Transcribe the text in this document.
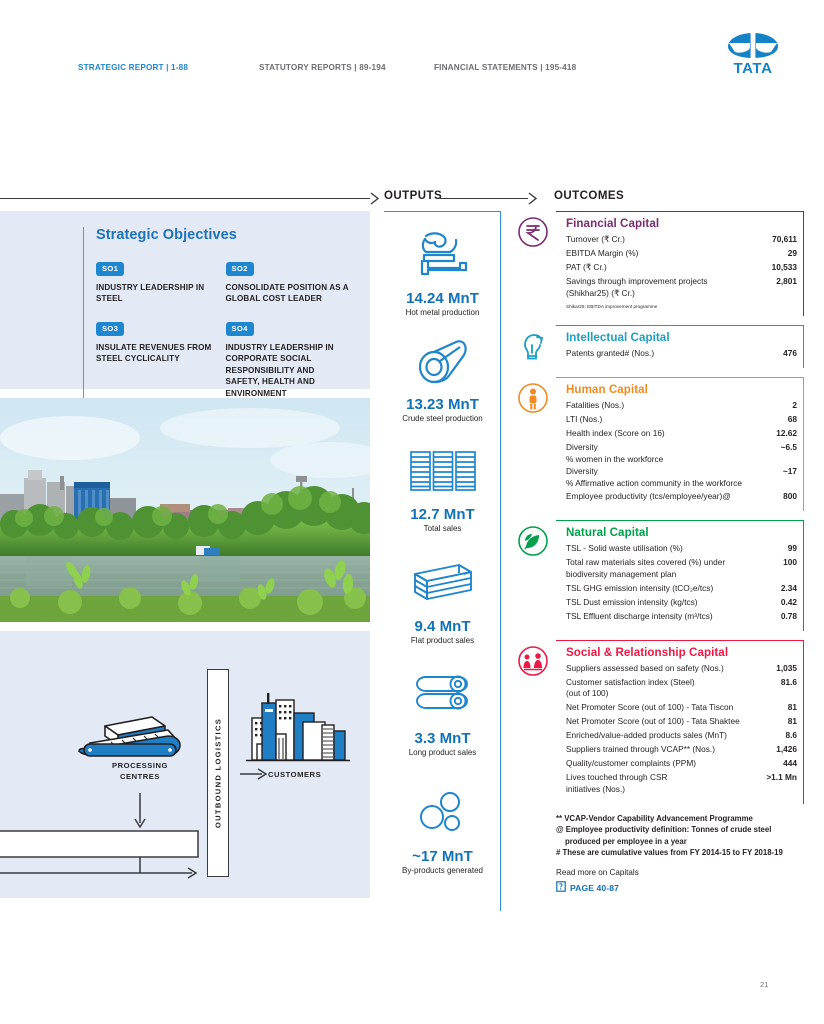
STRATEGIC REPORT | 1-88	STATUTORY REPORTS | 89-194	FINANCIAL STATEMENTS | 195-418	TATA
OUTPUTS	OUTCOMES
Strategic Objectives
SO1
INDUSTRY LEADERSHIP IN STEEL
SO2
CONSOLIDATE POSITION AS A GLOBAL COST LEADER
SO3
INSULATE REVENUES FROM STEEL CYCLICALITY
SO4
INDUSTRY LEADERSHIP IN CORPORATE SOCIAL RESPONSIBILITY AND SAFETY, HEALTH AND ENVIRONMENT
PROCESSING CENTRES	OUTBOUND LOGISTICS	CUSTOMERS
14.24 MnT
Hot metal production
13.23 MnT
Crude steel production
12.7 MnT
Total sales
9.4 MnT
Flat product sales
3.3 MnT
Long product sales
~17 MnT
By-products generated
Financial Capital
Turnover (₹ Cr.)	70,611
EBITDA Margin (%)	29
PAT (₹ Cr.)	10,533
Savings through improvement projects (Shikhar25) (₹ Cr.)
2,801
Shikar25: EBITDA improvement programme
Intellectual Capital
Patents granted# (Nos.)	476
Human Capital
Fatalities (Nos.)	2
LTI (Nos.)	68
Health index (Score on 16)	12.62
Diversity	~6.5
% women in the workforce
Diversity	~17
% Affirmative action community in the workforce
Employee productivity (tcs/employee/year)@	800
Natural Capital
TSL - Solid waste utilisation (%)	99
Total raw materials sites covered (%) under biodiversity management plan
100
TSL GHG emission intensity (tCO₂e/tcs)	2.34
TSL Dust emission intensity (kg/tcs)	0.42
TSL Effluent discharge intensity (m³/tcs)	0.78
Social & Relationship Capital
Suppliers assessed based on safety (Nos.)	1,035
Customer satisfaction index (Steel) (out of 100)
81.6
Net Promoter Score (out of 100) - Tata Tiscon	81
Net Promoter Score (out of 100) - Tata Shaktee	81
Enriched/value-added products sales (MnT)	8.6
Suppliers trained through VCAP** (Nos.)	1,426
Quality/customer complaints (PPM)	444
Lives touched through CSR initiatives (Nos.)
>1.1 Mn
** VCAP-Vendor Capability Advancement Programme
@ Employee productivity definition: Tonnes of crude steel produced per employee in a year
# These are cumulative values from FY 2014-15 to FY 2018-19
Read more on Capitals
PAGE 40-87
21
